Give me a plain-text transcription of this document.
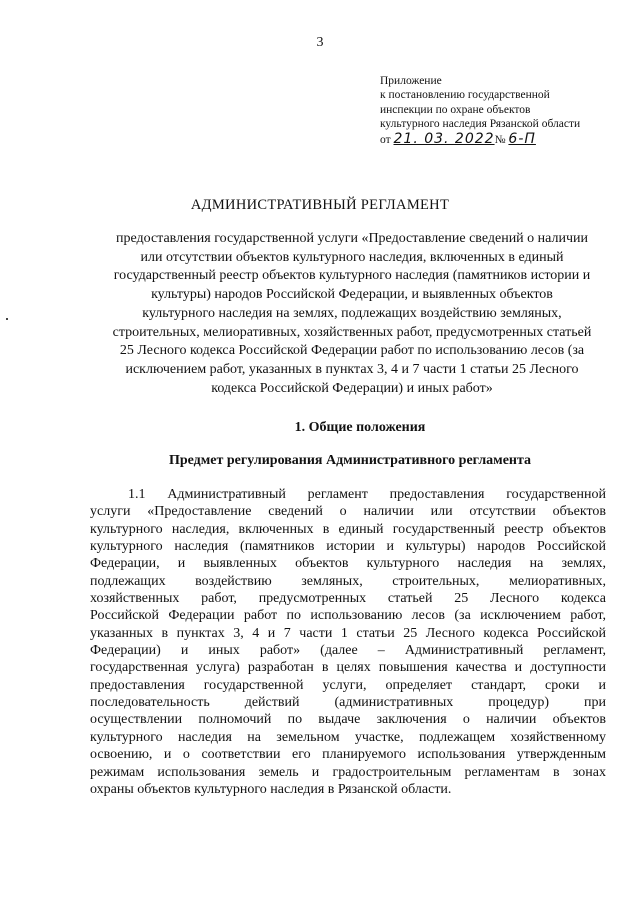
3
Приложение
к постановлению государственной
инспекции по охране объектов
культурного наследия Рязанской области
от 21. 03. 2022№ 6-П
АДМИНИСТРАТИВНЫЙ РЕГЛАМЕНТ
предоставления государственной услуги «Предоставление сведений о наличии
или отсутствии объектов культурного наследия, включенных в единый
государственный реестр объектов культурного наследия (памятников истории и
культуры) народов Российской Федерации, и выявленных объектов
культурного наследия на землях, подлежащих воздействию земляных,
строительных, мелиоративных, хозяйственных работ, предусмотренных статьей
25 Лесного кодекса Российской Федерации работ по использованию лесов (за
исключением работ, указанных в пунктах 3, 4 и 7 части 1 статьи 25 Лесного
кодекса Российской Федерации) и иных работ»
1. Общие положения
Предмет регулирования Административного регламента
1.1 Административный регламент предоставления государственной
услуги «Предоставление сведений о наличии или отсутствии объектов
культурного наследия, включенных в единый государственный реестр объектов
культурного наследия (памятников истории и культуры) народов Российской
Федерации, и выявленных объектов культурного наследия на землях,
подлежащих воздействию земляных, строительных, мелиоративных,
хозяйственных работ, предусмотренных статьей 25 Лесного кодекса
Российской Федерации работ по использованию лесов (за исключением работ,
указанных в пунктах 3, 4 и 7 части 1 статьи 25 Лесного кодекса Российской
Федерации) и иных работ» (далее – Административный регламент,
государственная услуга) разработан в целях повышения качества и доступности
предоставления государственной услуги, определяет стандарт, сроки и
последовательность действий (административных процедур) при
осуществлении полномочий по выдаче заключения о наличии объектов
культурного наследия на земельном участке, подлежащем хозяйственному
освоению, и о соответствии его планируемого использования утвержденным
режимам использования земель и градостроительным регламентам в зонах
охраны объектов культурного наследия в Рязанской области.
